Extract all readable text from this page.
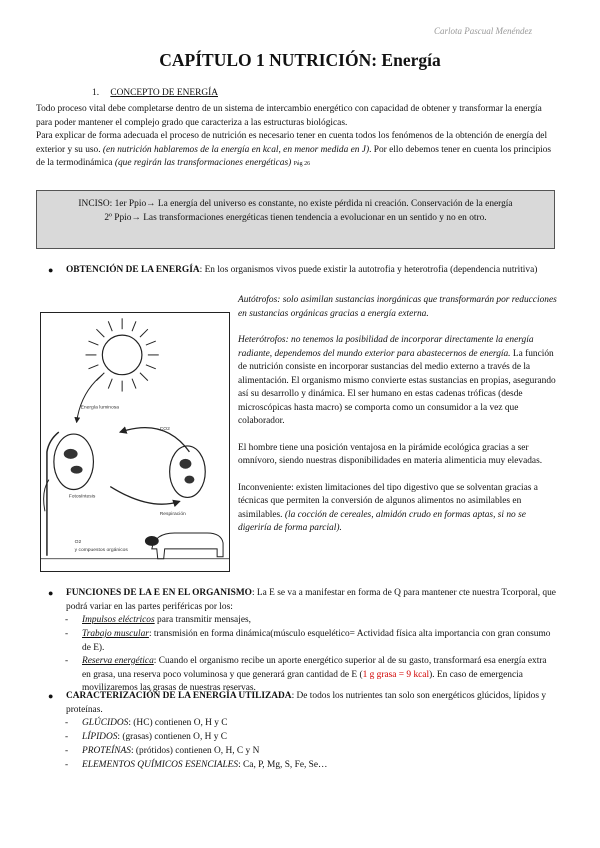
Carlota Pascual Menéndez
CAPÍTULO 1 NUTRICIÓN: Energía
1. CONCEPTO DE ENERGÍA
Todo proceso vital debe completarse dentro de un sistema de intercambio energético con capacidad de obtener y transformar la energía para poder mantener el complejo grado que caracteriza a las estructuras biológicas.
Para explicar de forma adecuada el proceso de nutrición es necesario tener en cuenta todos los fenómenos de la obtención de energía del exterior y su uso. (en nutrición hablaremos de la energía en kcal, en menor medida en J). Por ello debemos tener en cuenta los principios de la termodinámica (que regirán las transformaciones energéticas) Pág 26
INCISO: 1er Ppio→ La energía del universo es constante, no existe pérdida ni creación. Conservación de la energía
2º Ppio→ Las transformaciones energéticas tienen tendencia a evolucionar en un sentido y no en otro.
● OBTENCIÓN DE LA ENERGÍA: En los organismos vivos puede existir la autotrofia y heterotrofia (dependencia nutritiva)
Energía luminosa
CO2
Fotosíntesis
Respiración
O2
y compuestos orgánicos

Autótrofos: solo asimilan sustancias inorgánicas que transformarán por reducciones en sustancias orgánicas gracias a energía externa.

Heterótrofos: no tenemos la posibilidad de incorporar directamente la energía radiante, dependemos del mundo exterior para abastecernos de energía. La función de nutrición consiste en incorporar sustancias del medio externo a través de la alimentación. El organismo mismo convierte estas sustancias en propias, asegurando así su desarrollo y dinámica. El ser humano en estas cadenas tróficas (desde microscópicas hasta macro) se comporta como un consumidor a la vez que colaborador.

El hombre tiene una posición ventajosa en la pirámide ecológica gracias a ser omnívoro, siendo nuestras disponibilidades en materia alimenticia muy elevadas.

Inconveniente: existen limitaciones del tipo digestivo que se solventan gracias a técnicas que permiten la conversión de algunos alimentos no asimilables en asimilables. (la cocción de cereales, almidón crudo en formas aptas, si no se digeriría de forma parcial).

● FUNCIONES DE LA E EN EL ORGANISMO: La E se va a manifestar en forma de Q para mantener cte nuestra Tcorporal, que podrá variar en las partes periféricas por los:
- Impulsos eléctricos para transmitir mensajes,
- Trabajo muscular: transmisión en forma dinámica(músculo esquelético= Actividad física alta importancia con gran consumo de E).
- Reserva energética: Cuando el organismo recibe un aporte energético superior al de su gasto, transformará esa energía extra en grasa, una reserva poco voluminosa y que generará gran cantidad de E (1 g grasa = 9 kcal). En caso de emergencia movilizaremos las grasas de nuestras reservas.
● CARACTERIZACIÓN DE LA ENERGÍA UTILIZADA: De todos los nutrientes tan solo son energéticos glúcidos, lípidos y proteínas.
- GLÚCIDOS: (HC) contienen O, H y C
- LÍPIDOS: (grasas) contienen O, H y C
- PROTEÍNAS: (prótidos) contienen O, H, C y N
- ELEMENTOS QUÍMICOS ESENCIALES: Ca, P, Mg, S, Fe, Se…
